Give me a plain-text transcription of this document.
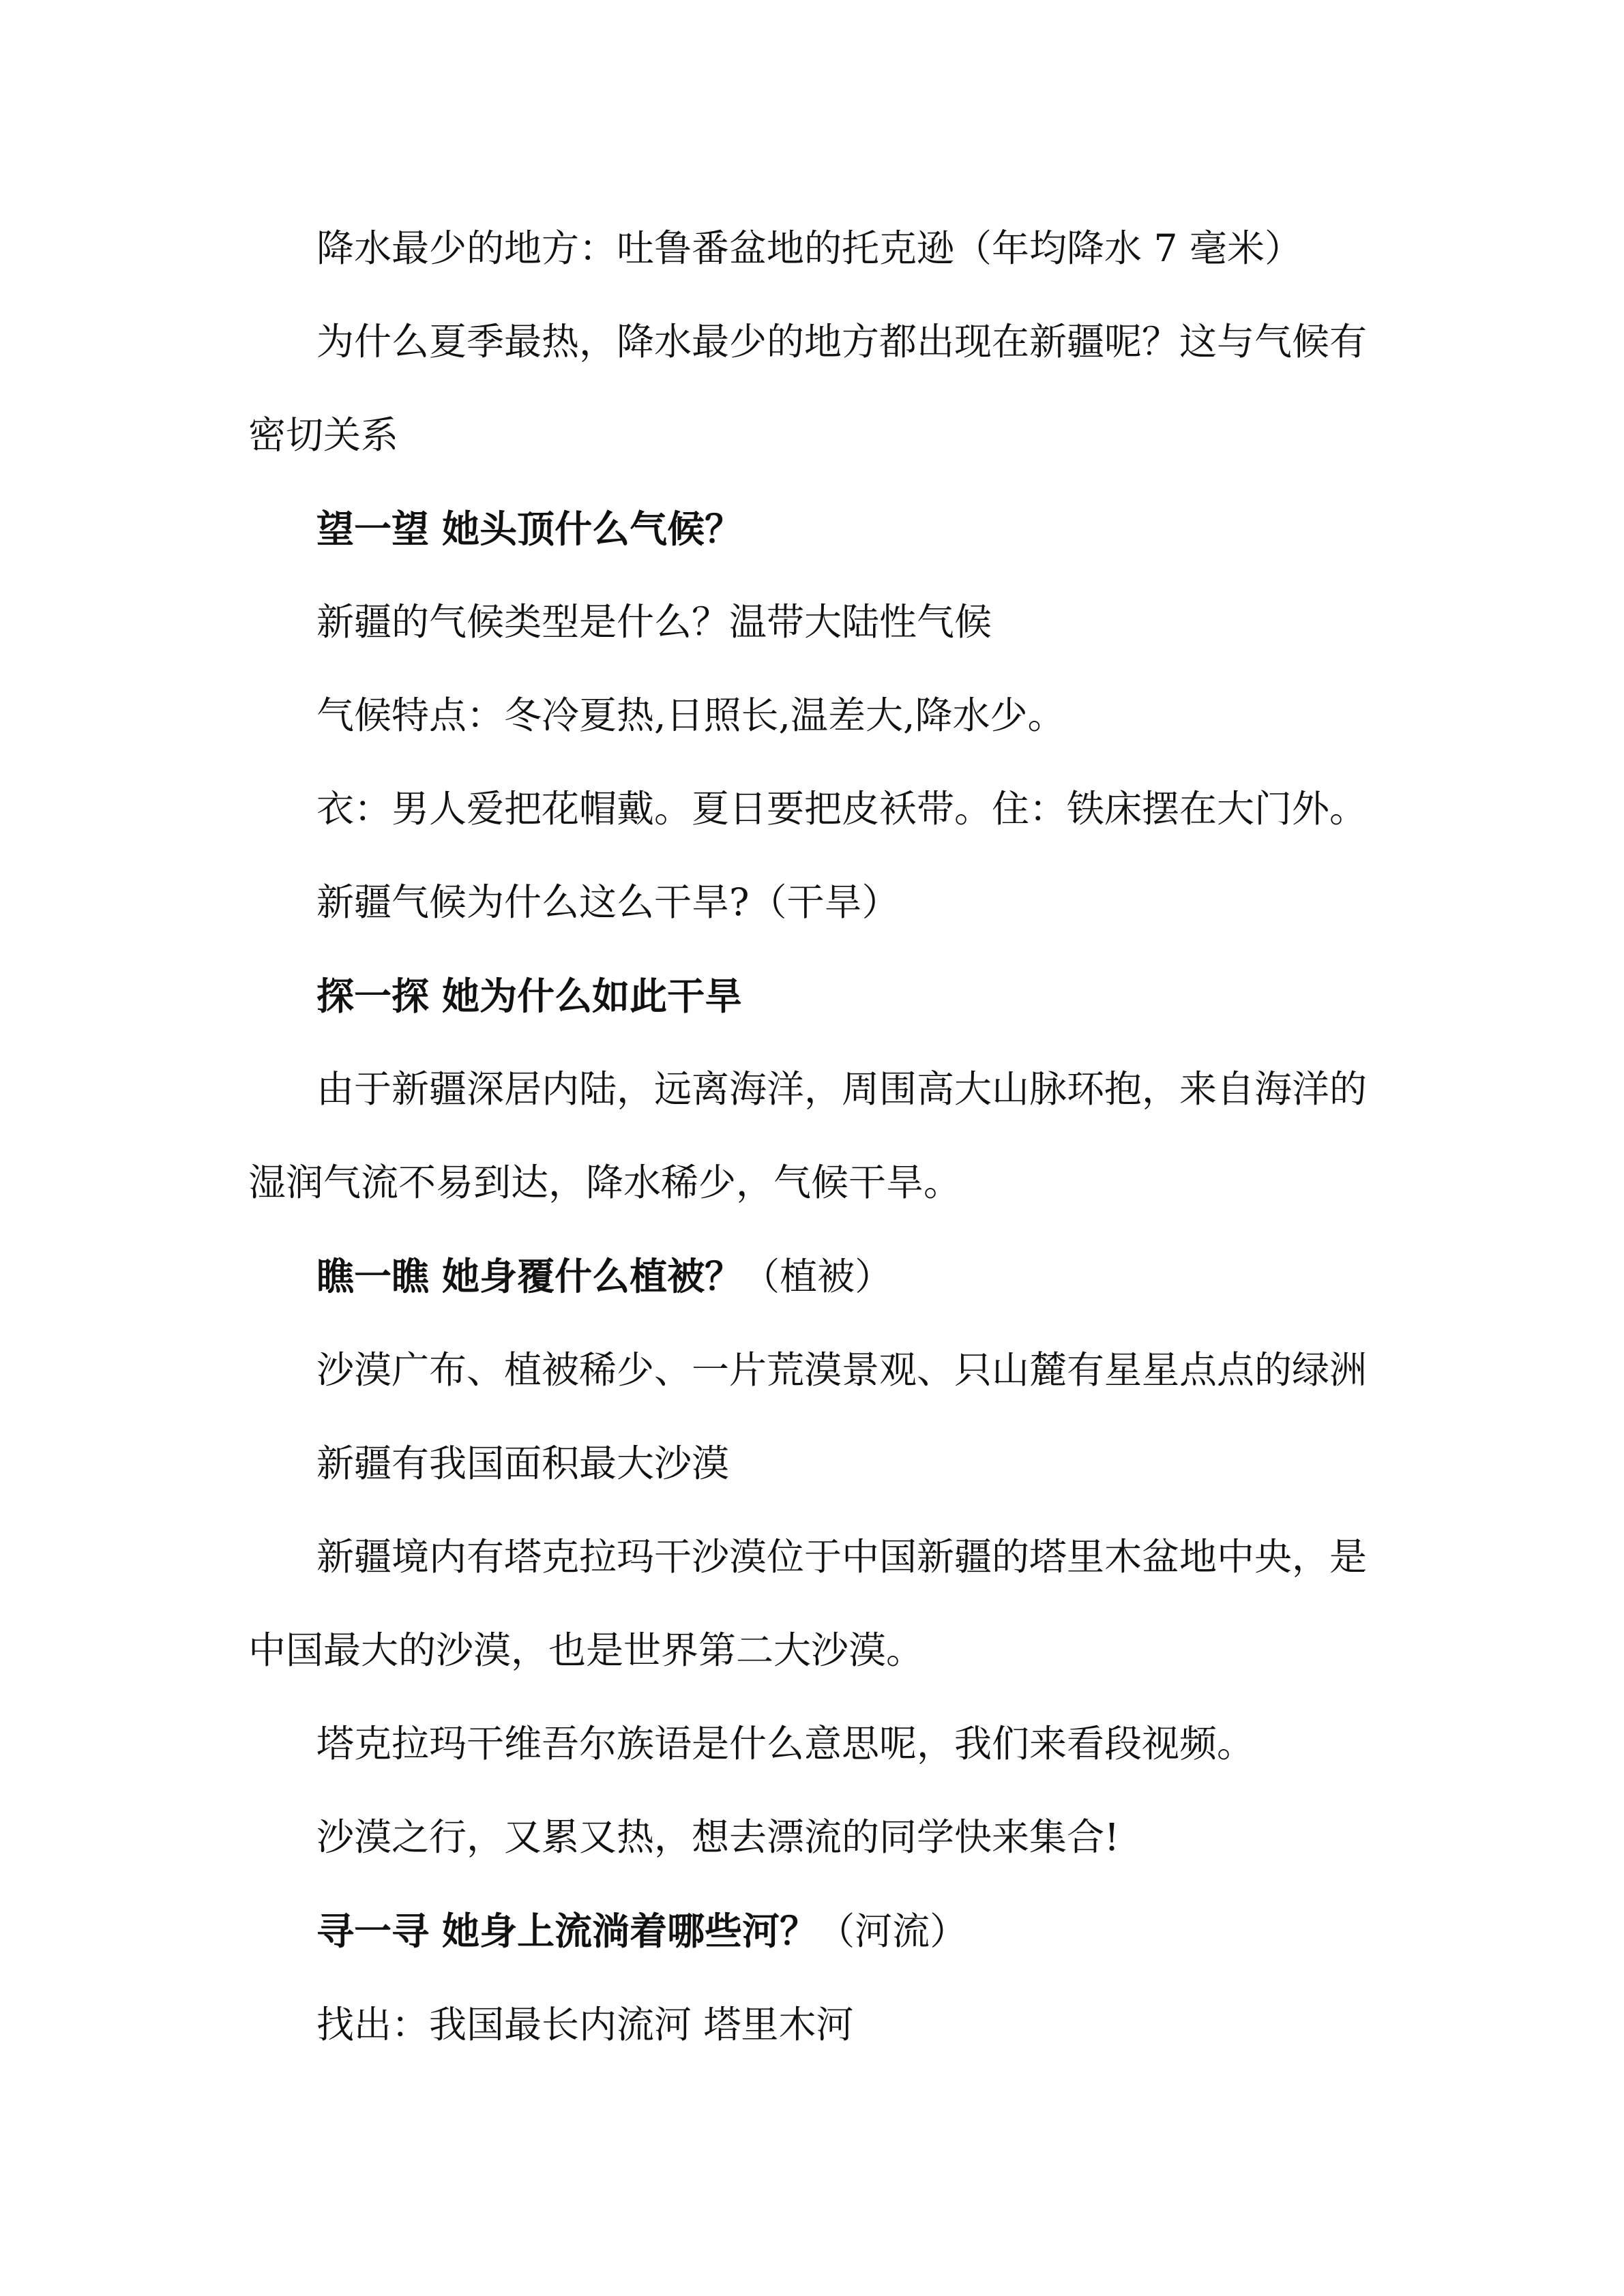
降水最少的地方：吐鲁番盆地的托克逊（年均降水 7 毫米）

为什么夏季最热，降水最少的地方都出现在新疆呢？这与气候有密切关系

望一望 她头顶什么气候？

新疆的气候类型是什么？温带大陆性气候

气候特点：冬冷夏热,日照长,温差大,降水少。

衣：男人爱把花帽戴。夏日要把皮袄带。住：铁床摆在大门外。

新疆气候为什么这么干旱?（干旱）

探一探 她为什么如此干旱

由于新疆深居内陆，远离海洋，周围高大山脉环抱，来自海洋的湿润气流不易到达，降水稀少，气候干旱。

瞧一瞧 她身覆什么植被？（植被）

沙漠广布、植被稀少、一片荒漠景观、只山麓有星星点点的绿洲

新疆有我国面积最大沙漠

新疆境内有塔克拉玛干沙漠位于中国新疆的塔里木盆地中央，是中国最大的沙漠，也是世界第二大沙漠。

塔克拉玛干维吾尔族语是什么意思呢，我们来看段视频。

沙漠之行，又累又热，想去漂流的同学快来集合!

寻一寻 她身上流淌着哪些河？（河流）

找出：我国最长内流河 塔里木河
